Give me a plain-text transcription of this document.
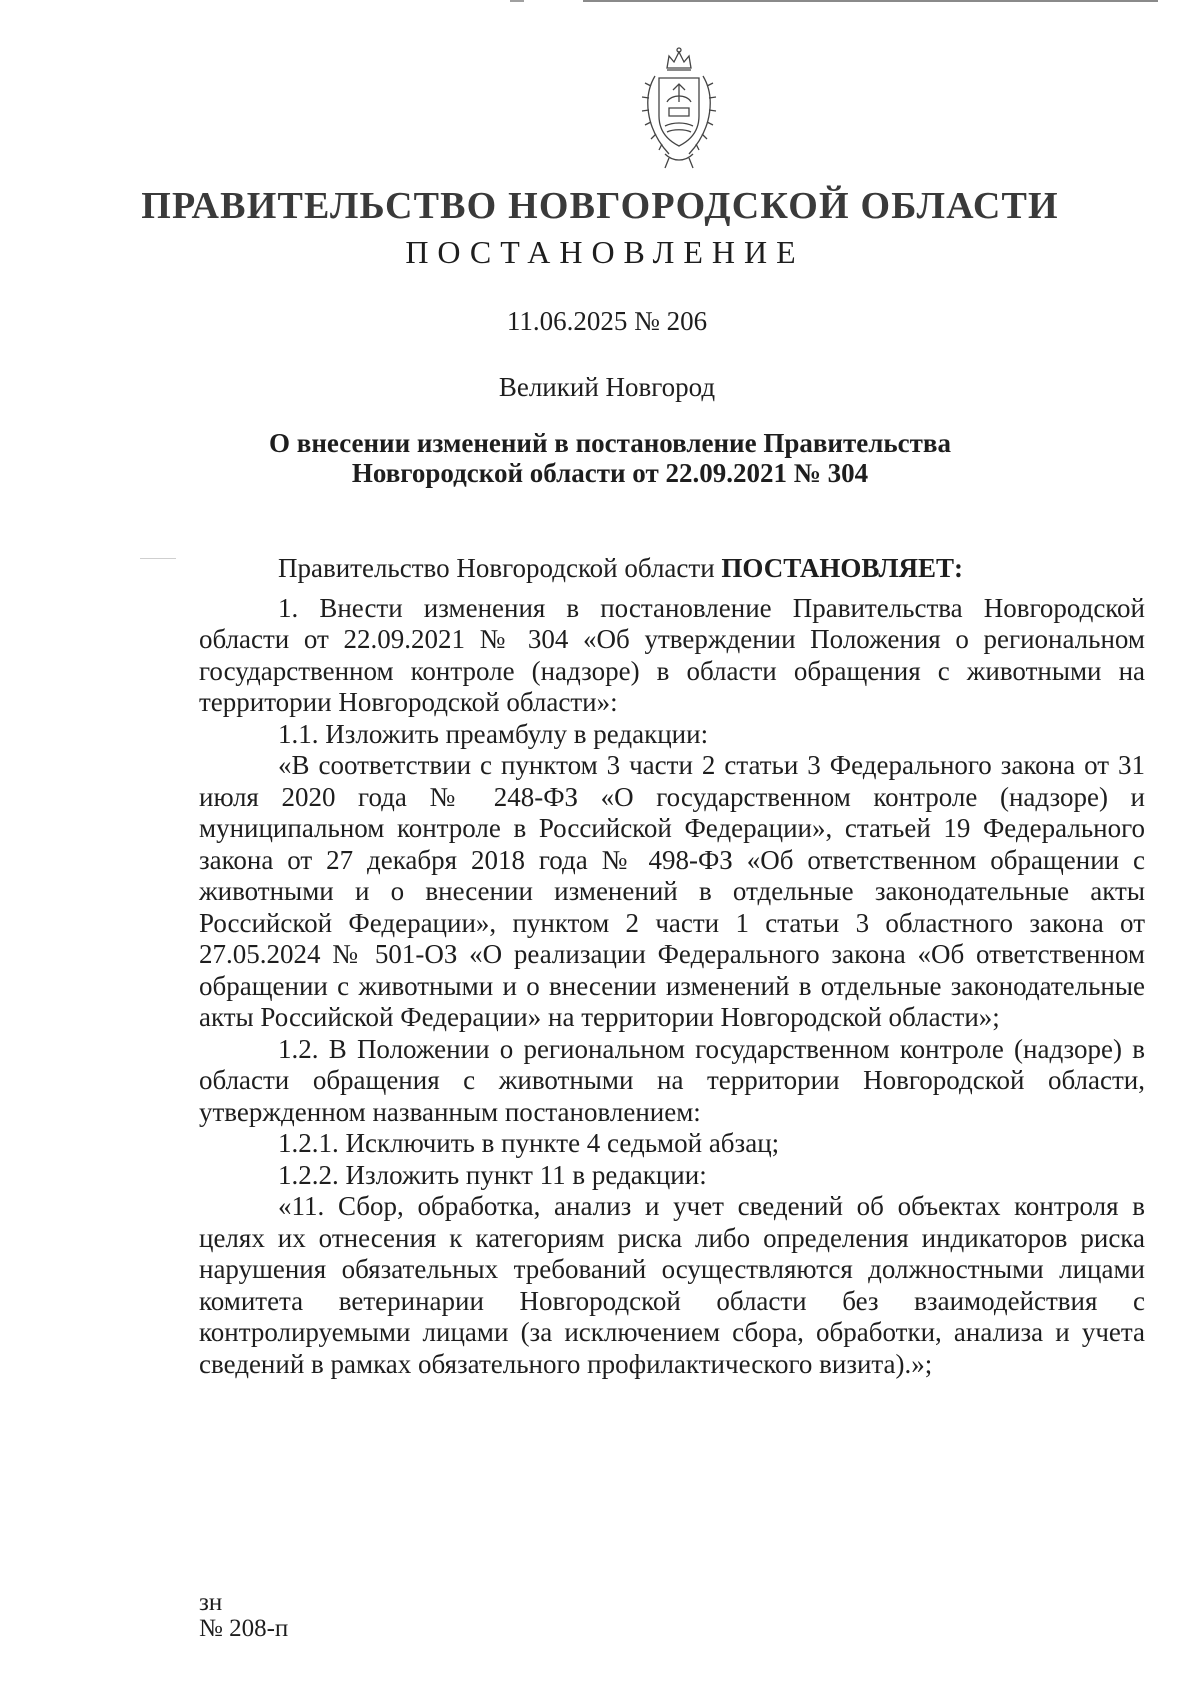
ПРАВИТЕЛЬСТВО НОВГОРОДСКОЙ ОБЛАСТИ
ПОСТАНОВЛЕНИЕ
11.06.2025 № 206
Великий Новгород
О внесении изменений в постановление Правительства
Новгородской области от 22.09.2021 № 304

Правительство Новгородской области ПОСТАНОВЛЯЕТ:

1. Внести изменения в постановление Правительства Новгородской области от 22.09.2021 № 304 «Об утверждении Положения о региональном государственном контроле (надзоре) в области обращения с животными на территории Новгородской области»:

1.1. Изложить преамбулу в редакции:

«В соответствии с пунктом 3 части 2 статьи 3 Федерального закона от 31 июля 2020 года № 248-ФЗ «О государственном контроле (надзоре) и муниципальном контроле в Российской Федерации», статьей 19 Федерального закона от 27 декабря 2018 года № 498-ФЗ «Об ответственном обращении с животными и о внесении изменений в отдельные законодательные акты Российской Федерации», пунктом 2 части 1 статьи 3 областного закона от 27.05.2024 № 501-ОЗ «О реализации Федерального закона «Об ответственном обращении с животными и о внесении изменений в отдельные законодательные акты Российской Федерации» на территории Новгородской области»;

1.2. В Положении о региональном государственном контроле (надзоре) в области обращения с животными на территории Новгородской области, утвержденном названным постановлением:

1.2.1. Исключить в пункте 4 седьмой абзац;

1.2.2. Изложить пункт 11 в редакции:

«11. Сбор, обработка, анализ и учет сведений об объектах контроля в целях их отнесения к категориям риска либо определения индикаторов риска нарушения обязательных требований осуществляются должностными лицами комитета ветеринарии Новгородской области без взаимодействия с контролируемыми лицами (за исключением сбора, обработки, анализа и учета сведений в рамках обязательного профилактического визита).»;

зн
№ 208-п
